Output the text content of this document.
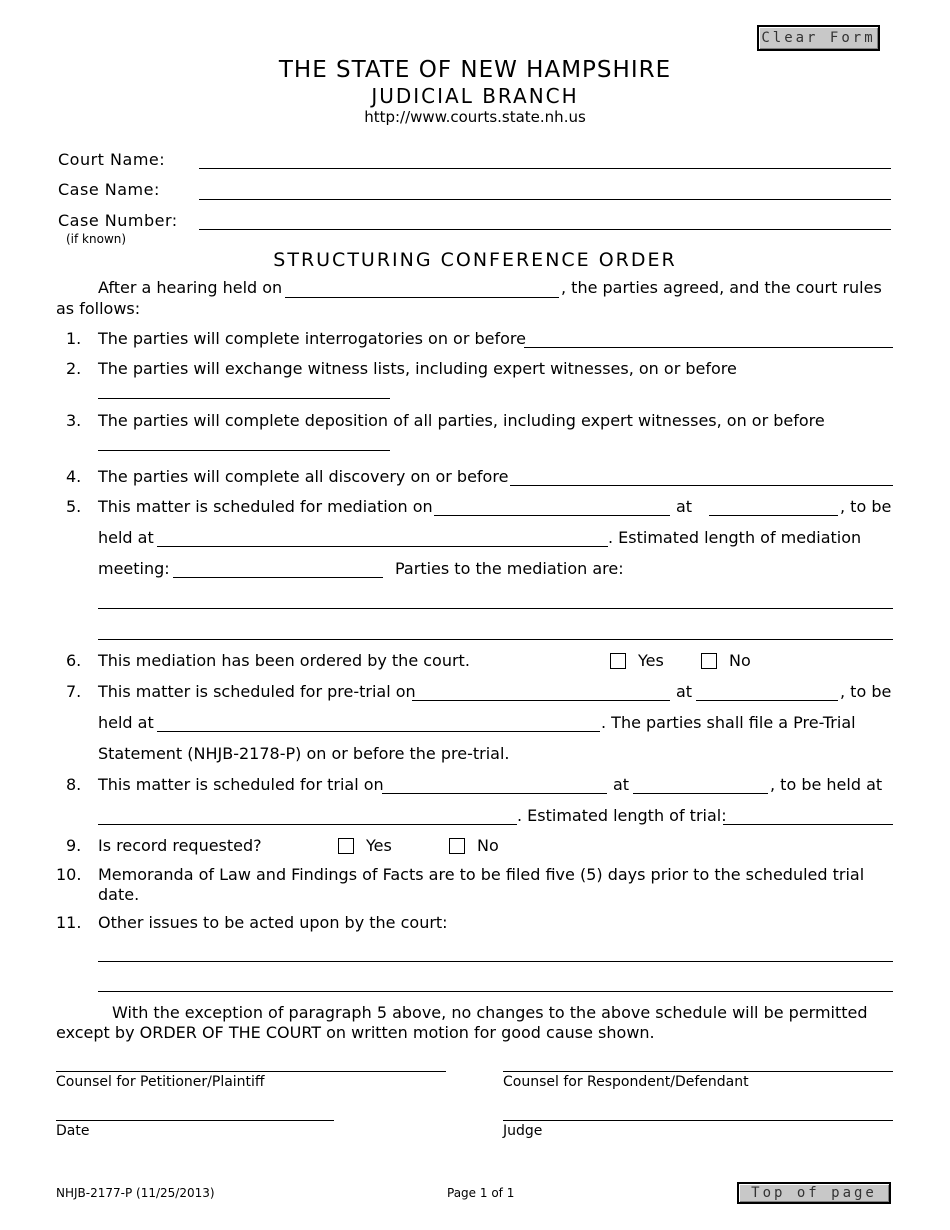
Clear Form
Top of page
THE STATE OF NEW HAMPSHIRE
JUDICIAL BRANCH
http://www.courts.state.nh.us
Court Name:
Case Name:
Case Number:
(if known)
STRUCTURING CONFERENCE ORDER
After a hearing held on	, the parties agreed, and the court rules
as follows:
1. The parties will complete interrogatories on or before
2. The parties will exchange witness lists, including expert witnesses, on or before
3. The parties will complete deposition of all parties, including expert witnesses, on or before
4. The parties will complete all discovery on or before
5. This matter is scheduled for mediation on	at	, to be
held at	. Estimated length of mediation
meeting:	Parties to the mediation are:
6. This mediation has been ordered by the court.	Yes	No
7. This matter is scheduled for pre-trial on	at	, to be
held at	. The parties shall file a Pre-Trial
Statement (NHJB-2178-P) on or before the pre-trial.
8. This matter is scheduled for trial on	at	, to be held at
. Estimated length of trial:
9. Is record requested?	Yes	No
10. Memoranda of Law and Findings of Facts are to be filed five (5) days prior to the scheduled trial
date.
11. Other issues to be acted upon by the court:
With the exception of paragraph 5 above, no changes to the above schedule will be permitted
except by ORDER OF THE COURT on written motion for good cause shown.
Counsel for Petitioner/Plaintiff	Counsel for Respondent/Defendant
Date	Judge
NHJB-2177-P (11/25/2013)	Page 1 of 1
